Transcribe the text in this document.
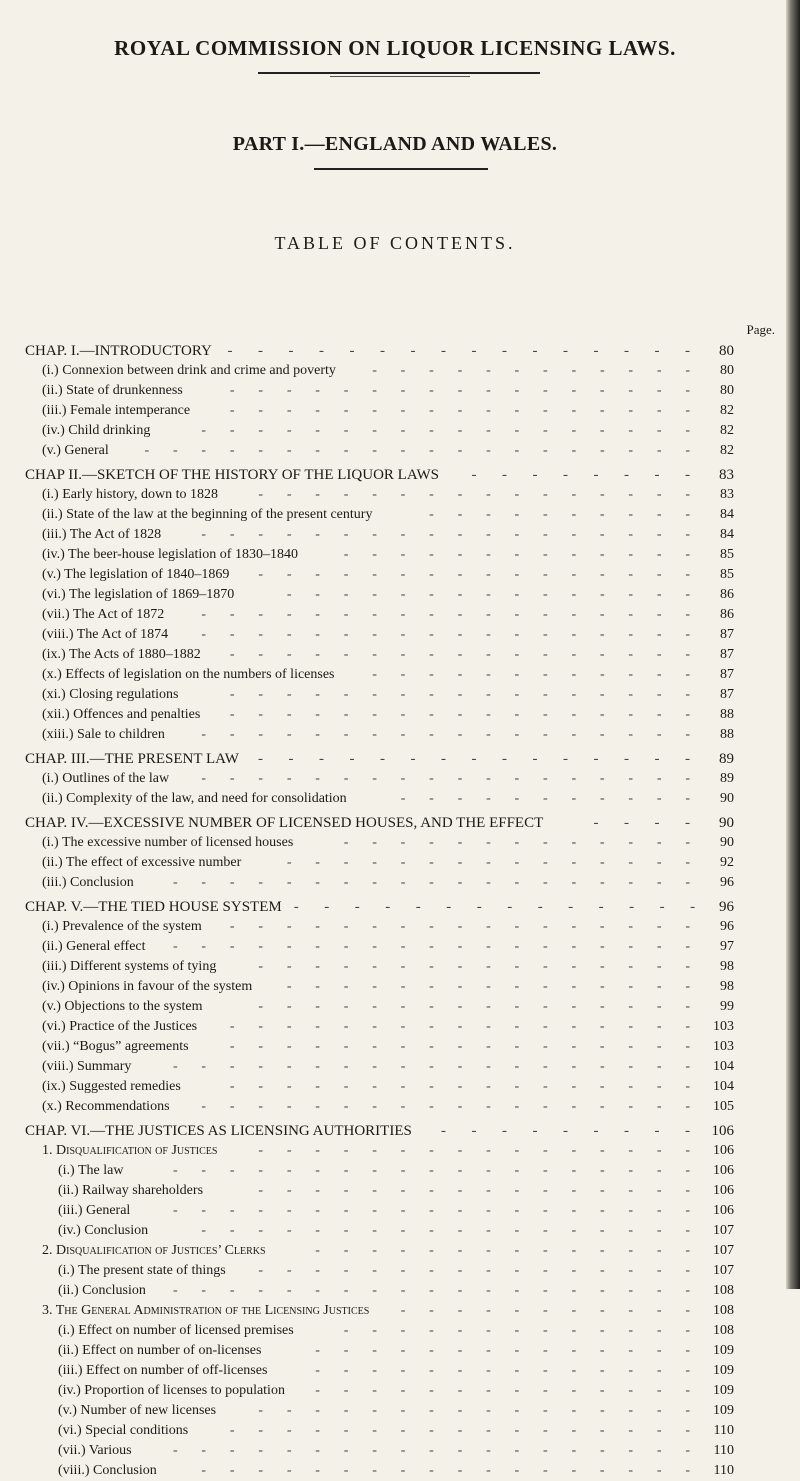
ROYAL COMMISSION ON LIQUOR LICENSING LAWS.
PART I.—ENGLAND AND WALES.
TABLE OF CONTENTS.
Page.
CHAP. I.—INTRODUCTORY -   -   -   -   -   -   -   -   -   -   -   -   -   -   -   -	80
(i.) Connexion between drink and crime and poverty	-   -   -   -   -   -   -   -   -   -   -   -	80
(ii.) State of drunkenness	-   -   -   -   -   -   -   -   -   -   -   -   -   -   -   -   -	80
(iii.) Female intemperance	-   -   -   -   -   -   -   -   -   -   -   -   -   -   -   -   -	82
(iv.) Child drinking	-   -   -   -   -   -   -   -   -   -   -   -   -   -   -   -   -   -	82
(v.) General	-   -   -   -   -   -   -   -   -   -   -   -   -   -   -   -   -   -   -   -	82
CHAP II.—SKETCH OF THE HISTORY OF THE LIQUOR LAWS	-   -   -   -   -   -   -   -	83
(i.) Early history, down to 1828	-   -   -   -   -   -   -   -   -   -   -   -   -   -   -   -	83
(ii.) State of the law at the beginning of the present century	-   -   -   -   -   -   -   -   -   -	84
(iii.) The Act of 1828	-   -   -   -   -   -   -   -   -   -   -   -   -   -   -   -   -   -	84
(iv.) The beer-house legislation of 1830–1840	-   -   -   -   -   -   -   -   -   -   -   -   -	85
(v.) The legislation of 1840–1869	-   -   -   -   -   -   -   -   -   -   -   -   -   -   -   -	85
(vi.) The legislation of 1869–1870	-   -   -   -   -   -   -   -   -   -   -   -   -   -   -	86
(vii.) The Act of 1872	-   -   -   -   -   -   -   -   -   -   -   -   -   -   -   -   -   -	86
(viii.) The Act of 1874	-   -   -   -   -   -   -   -   -   -   -   -   -   -   -   -   -   -	87
(ix.) The Acts of 1880–1882	-   -   -   -   -   -   -   -   -   -   -   -   -   -   -   -   -	87
(x.) Effects of legislation on the numbers of licenses	-   -   -   -   -   -   -   -   -   -   -   -	87
(xi.) Closing regulations	-   -   -   -   -   -   -   -   -   -   -   -   -   -   -   -   -	87
(xii.) Offences and penalties	-   -   -   -   -   -   -   -   -   -   -   -   -   -   -   -   -	88
(xiii.) Sale to children	-   -   -   -   -   -   -   -   -   -   -   -   -   -   -   -   -   -	88
CHAP. III.—THE PRESENT LAW	-   -   -   -   -   -   -   -   -   -   -   -   -   -   -	89
(i.) Outlines of the law	-   -   -   -   -   -   -   -   -   -   -   -   -   -   -   -   -   -	89
(ii.) Complexity of the law, and need for consolidation	-   -   -   -   -   -   -   -   -   -   -	90
CHAP. IV.—EXCESSIVE NUMBER OF LICENSED HOUSES, AND THE EFFECT	-   -   -   -	90
(i.) The excessive number of licensed houses	-   -   -   -   -   -   -   -   -   -   -   -   -	90
(ii.) The effect of excessive number	-   -   -   -   -   -   -   -   -   -   -   -   -   -   -	92
(iii.) Conclusion	-   -   -   -   -   -   -   -   -   -   -   -   -   -   -   -   -   -   -	96
CHAP. V.—THE TIED HOUSE SYSTEM -   -   -   -   -   -   -   -   -   -   -   -   -   -	96
(i.) Prevalence of the system	-   -   -   -   -   -   -   -   -   -   -   -   -   -   -   -   -	96
(ii.) General effect	-   -   -   -   -   -   -   -   -   -   -   -   -   -   -   -   -   -   -	97
(iii.) Different systems of tying	-   -   -   -   -   -   -   -   -   -   -   -   -   -   -   -	98
(iv.) Opinions in favour of the system	-   -   -   -   -   -   -   -   -   -   -   -   -   -   -	98
(v.) Objections to the system	-   -   -   -   -   -   -   -   -   -   -   -   -   -   -   -	99
(vi.) Practice of the Justices	-   -   -   -   -   -   -   -   -   -   -   -   -   -   -   -   -	103
(vii.) “Bogus” agreements	-   -   -   -   -   -   -   -   -   -   -   -   -   -   -   -   -	103
(viii.) Summary	-   -   -   -   -   -   -   -   -   -   -   -   -   -   -   -   -   -   -	104
(ix.) Suggested remedies	-   -   -   -   -   -   -   -   -   -   -   -   -   -   -   -   -	104
(x.) Recommendations	-   -   -   -   -   -   -   -   -   -   -   -   -   -   -   -   -   -	105
CHAP. VI.—THE JUSTICES AS LICENSING AUTHORITIES	-   -   -   -   -   -   -   -   -	106
1. Disqualification of Justices	-   -   -   -   -   -   -   -   -   -   -   -   -   -   -   -	106
(i.) The law	-   -   -   -   -   -   -   -   -   -   -   -   -   -   -   -   -   -   -	106
(ii.) Railway shareholders	-   -   -   -   -   -   -   -   -   -   -   -   -   -   -   -	106
(iii.) General	-   -   -   -   -   -   -   -   -   -   -   -   -   -   -   -   -   -   -	106
(iv.) Conclusion	-   -   -   -   -   -   -   -   -   -   -   -   -   -   -   -   -   -	107
2. Disqualification of Justices’ Clerks	-   -   -   -   -   -   -   -   -   -   -   -   -   -	107
(i.) The present state of things	-   -   -   -   -   -   -   -   -   -   -   -   -   -   -   -	107
(ii.) Conclusion	-   -   -   -   -   -   -   -   -   -   -   -   -   -   -   -   -   -   -	108
3. The General Administration of the Licensing Justices	-   -   -   -   -   -   -   -   -   -   -	108
(i.) Effect on number of licensed premises	-   -   -   -   -   -   -   -   -   -   -   -   -	108
(ii.) Effect on number of on-licenses	-   -   -   -   -   -   -   -   -   -   -   -   -   -	109
(iii.) Effect on number of off-licenses	-   -   -   -   -   -   -   -   -   -   -   -   -   -	109
(iv.) Proportion of licenses to population	-   -   -   -   -   -   -   -   -   -   -   -   -   -	109
(v.) Number of new licenses	-   -   -   -   -   -   -   -   -   -   -   -   -   -   -   -	109
(vi.) Special conditions	-   -   -   -   -   -   -   -   -   -   -   -   -   -   -   -   -	110
(vii.) Various	-   -   -   -   -   -   -   -   -   -   -   -   -   -   -   -   -   -   -	110
(viii.) Conclusion	-   -   -   -   -   -   -   -   -   -   -   -   -   -   -   -   -   -	110
